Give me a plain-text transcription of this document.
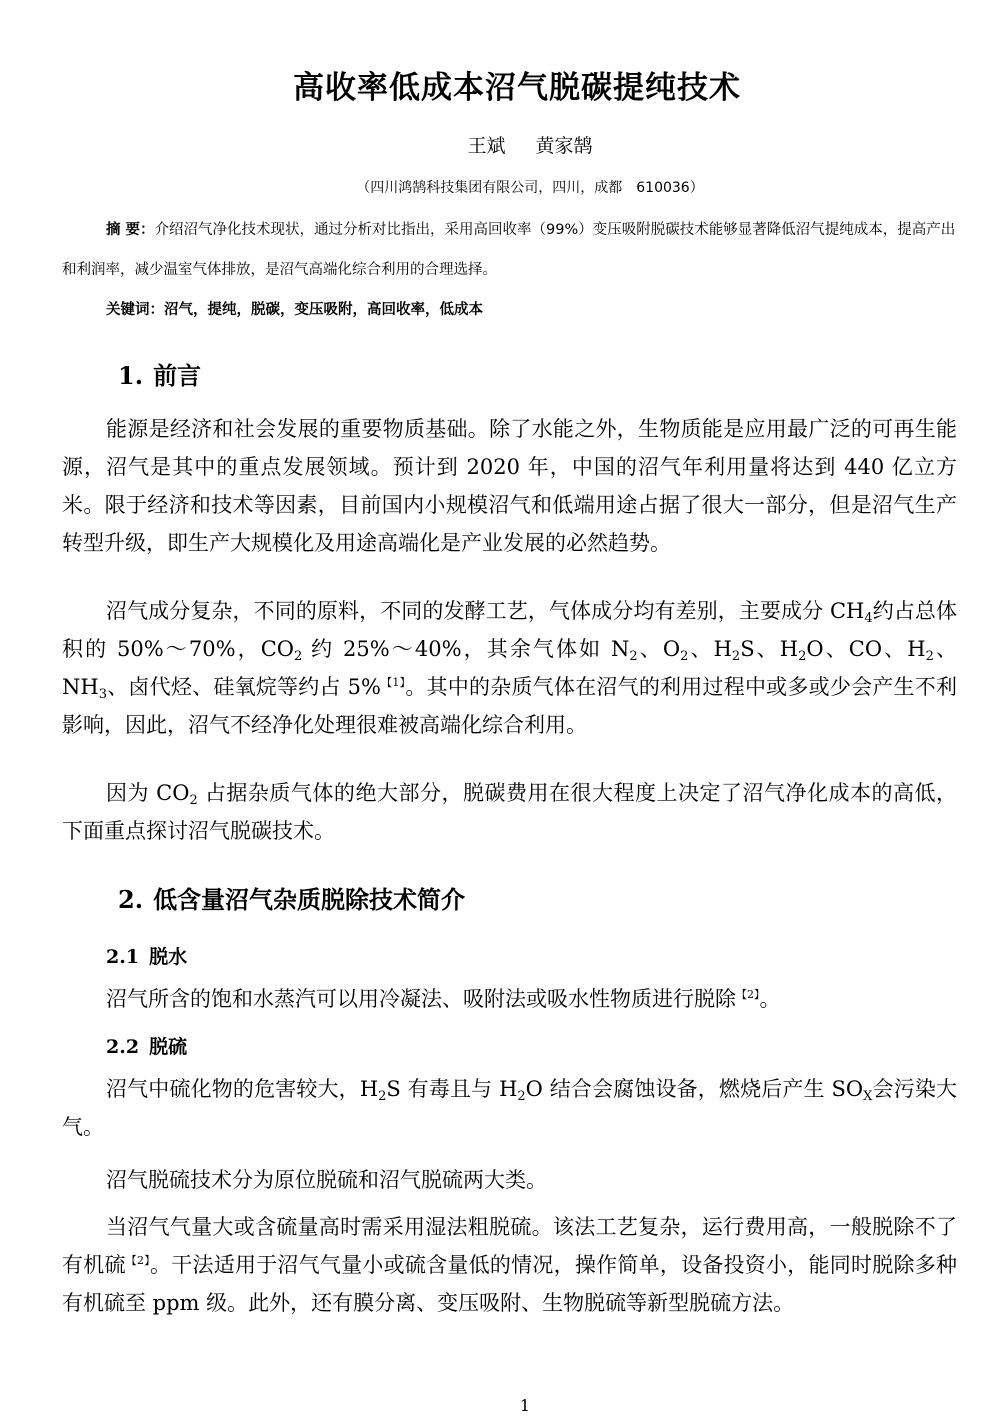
高收率低成本沼气脱碳提纯技术
王斌 黄家鹄
（四川鸿鹄科技集团有限公司，四川，成都　610036）
摘 要：介绍沼气净化技术现状，通过分析对比指出，采用高回收率（99%）变压吸附脱碳技术能够显著降低沼气提纯成本，提高产出和利润率，减少温室气体排放，是沼气高端化综合利用的合理选择。
关键词：沼气，提纯，脱碳，变压吸附，高回收率，低成本
1. 前言
能源是经济和社会发展的重要物质基础。除了水能之外，生物质能是应用最广泛的可再生能源，沼气是其中的重点发展领域。预计到 2020 年，中国的沼气年利用量将达到 440 亿立方米。限于经济和技术等因素，目前国内小规模沼气和低端用途占据了很大一部分，但是沼气生产转型升级，即生产大规模化及用途高端化是产业发展的必然趋势。
沼气成分复杂，不同的原料，不同的发酵工艺，气体成分均有差别，主要成分 $CH_4$约占总体积的 50%～70%，$CO_2$ 约 25%～40%，其余气体如 $N_2$、$O_2$、$H_2S$、$H_2O$、CO、$H_2$、$NH_3$、卤代烃、硅氧烷等约占 5%$^{【1】}$。其中的杂质气体在沼气的利用过程中或多或少会产生不利影响，因此，沼气不经净化处理很难被高端化综合利用。
因为 $CO_2$ 占据杂质气体的绝大部分，脱碳费用在很大程度上决定了沼气净化成本的高低，下面重点探讨沼气脱碳技术。
2. 低含量沼气杂质脱除技术简介
2.1 脱水
沼气所含的饱和水蒸汽可以用冷凝法、吸附法或吸水性物质进行脱除$^{【2】}$。
2.2 脱硫
沼气中硫化物的危害较大，$H_2S$ 有毒且与 $H_2O$ 结合会腐蚀设备，燃烧后产生 $SO_X$会污染大气。
沼气脱硫技术分为原位脱硫和沼气脱硫两大类。
当沼气气量大或含硫量高时需采用湿法粗脱硫。该法工艺复杂，运行费用高，一般脱除不了有机硫$^{【2】}$。干法适用于沼气气量小或硫含量低的情况，操作简单，设备投资小，能同时脱除多种有机硫至 ppm 级。此外，还有膜分离、变压吸附、生物脱硫等新型脱硫方法。
1
